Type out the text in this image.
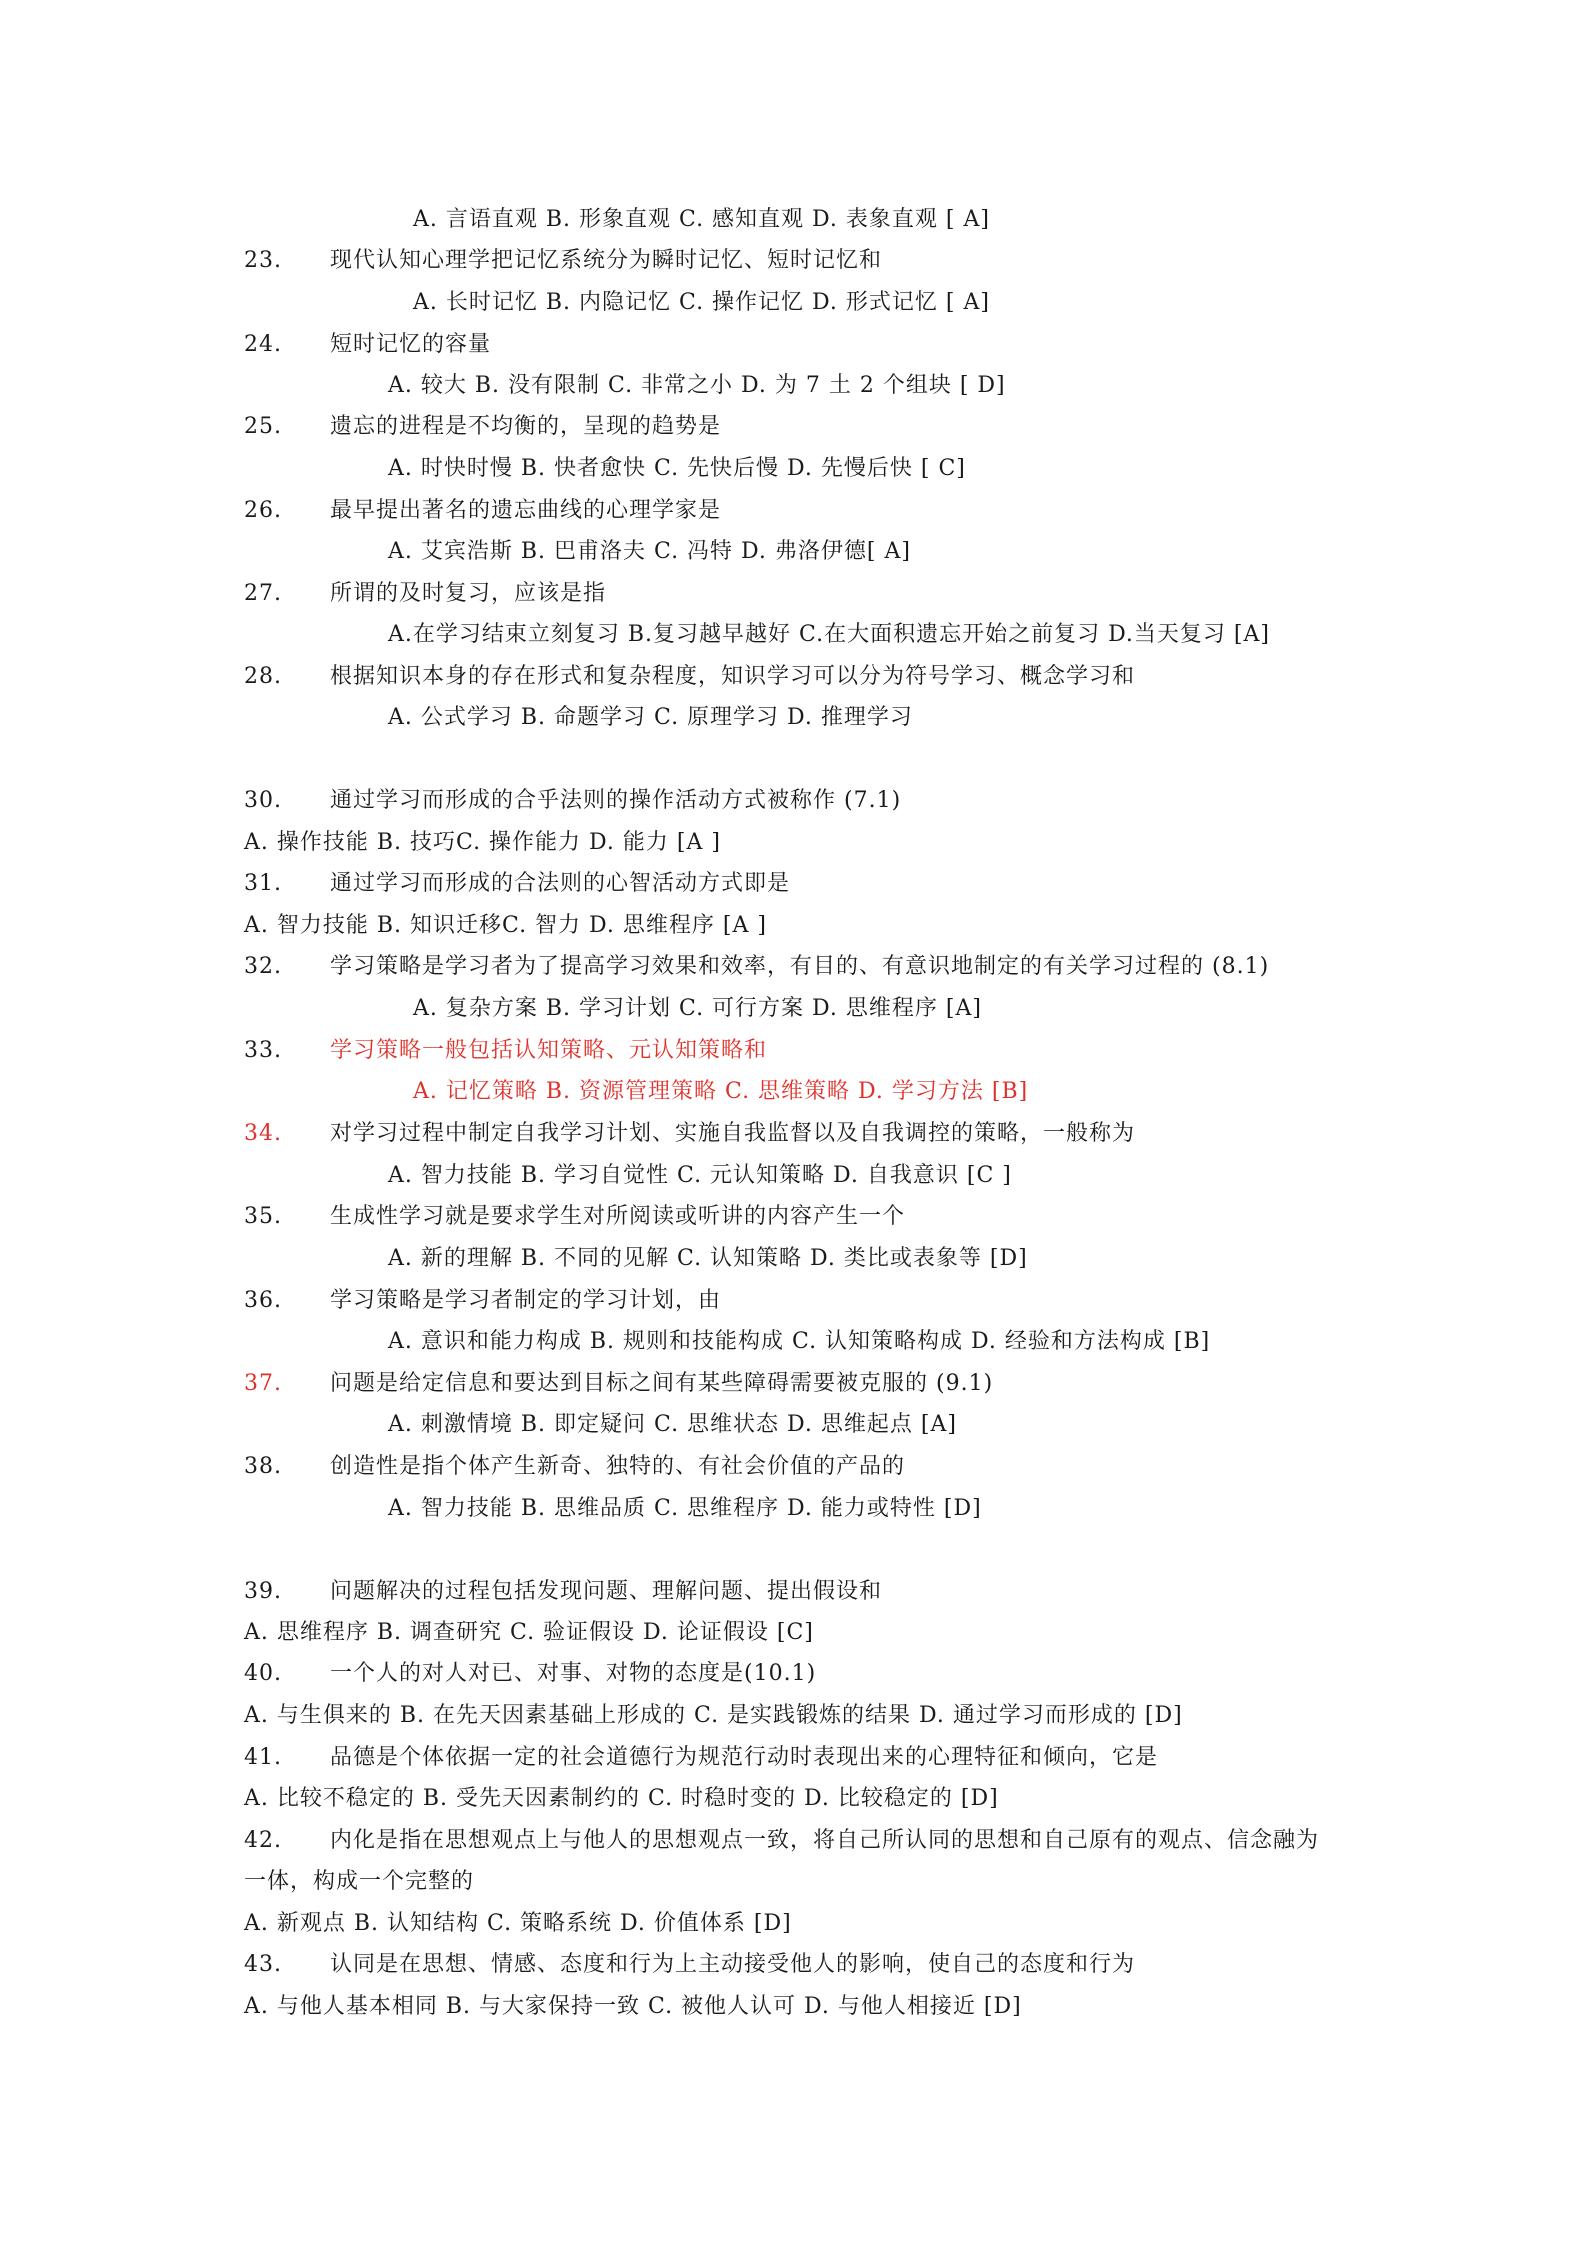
A. 言语直观 B. 形象直观 C. 感知直观 D. 表象直观 [ A]
23. 现代认知心理学把记忆系统分为瞬时记忆、短时记忆和
A. 长时记忆 B. 内隐记忆 C. 操作记忆 D. 形式记忆 [ A]
24. 短时记忆的容量
A. 较大 B. 没有限制 C. 非常之小 D. 为 7 土 2 个组块 [ D]
25. 遗忘的进程是不均衡的，呈现的趋势是
A. 时快时慢 B. 快者愈快 C. 先快后慢 D. 先慢后快 [ C]
26. 最早提出著名的遗忘曲线的心理学家是
A. 艾宾浩斯 B. 巴甫洛夫 C. 冯特 D. 弗洛伊德[ A]
27. 所谓的及时复习，应该是指
A.在学习结束立刻复习 B.复习越早越好 C.在大面积遗忘开始之前复习 D.当天复习 [A]
28. 根据知识本身的存在形式和复杂程度，知识学习可以分为符号学习、概念学习和
A. 公式学习 B. 命题学习 C. 原理学习 D. 推理学习
30. 通过学习而形成的合乎法则的操作活动方式被称作 (7.1)
A. 操作技能 B. 技巧C. 操作能力 D. 能力 [A ]
31. 通过学习而形成的合法则的心智活动方式即是
A. 智力技能 B. 知识迁移C. 智力 D. 思维程序 [A ]
32. 学习策略是学习者为了提高学习效果和效率，有目的、有意识地制定的有关学习过程的 (8.1)
A. 复杂方案 B. 学习计划 C. 可行方案 D. 思维程序 [A]
33. 学习策略一般包括认知策略、元认知策略和
A. 记忆策略 B. 资源管理策略 C. 思维策略 D. 学习方法 [B]
34. 对学习过程中制定自我学习计划、实施自我监督以及自我调控的策略，一般称为
A. 智力技能 B. 学习自觉性 C. 元认知策略 D. 自我意识 [C ]
35. 生成性学习就是要求学生对所阅读或听讲的内容产生一个
A. 新的理解 B. 不同的见解 C. 认知策略 D. 类比或表象等 [D]
36. 学习策略是学习者制定的学习计划，由
A. 意识和能力构成 B. 规则和技能构成 C. 认知策略构成 D. 经验和方法构成 [B]
37. 问题是给定信息和要达到目标之间有某些障碍需要被克服的 (9.1)
A. 刺激情境 B. 即定疑问 C. 思维状态 D. 思维起点 [A]
38. 创造性是指个体产生新奇、独特的、有社会价值的产品的
A. 智力技能 B. 思维品质 C. 思维程序 D. 能力或特性 [D]
39. 问题解决的过程包括发现问题、理解问题、提出假设和
A. 思维程序 B. 调查研究 C. 验证假设 D. 论证假设 [C]
40. 一个人的对人对已、对事、对物的态度是(10.1)
A. 与生俱来的 B. 在先天因素基础上形成的 C. 是实践锻炼的结果 D. 通过学习而形成的 [D]
41. 品德是个体依据一定的社会道德行为规范行动时表现出来的心理特征和倾向，它是
A. 比较不稳定的 B. 受先天因素制约的 C. 时稳时变的 D. 比较稳定的 [D]
42. 内化是指在思想观点上与他人的思想观点一致，将自己所认同的思想和自己原有的观点、信念融为
一体，构成一个完整的
A. 新观点 B. 认知结构 C. 策略系统 D. 价值体系 [D]
43. 认同是在思想、情感、态度和行为上主动接受他人的影响，使自己的态度和行为
A. 与他人基本相同 B. 与大家保持一致 C. 被他人认可 D. 与他人相接近 [D]
